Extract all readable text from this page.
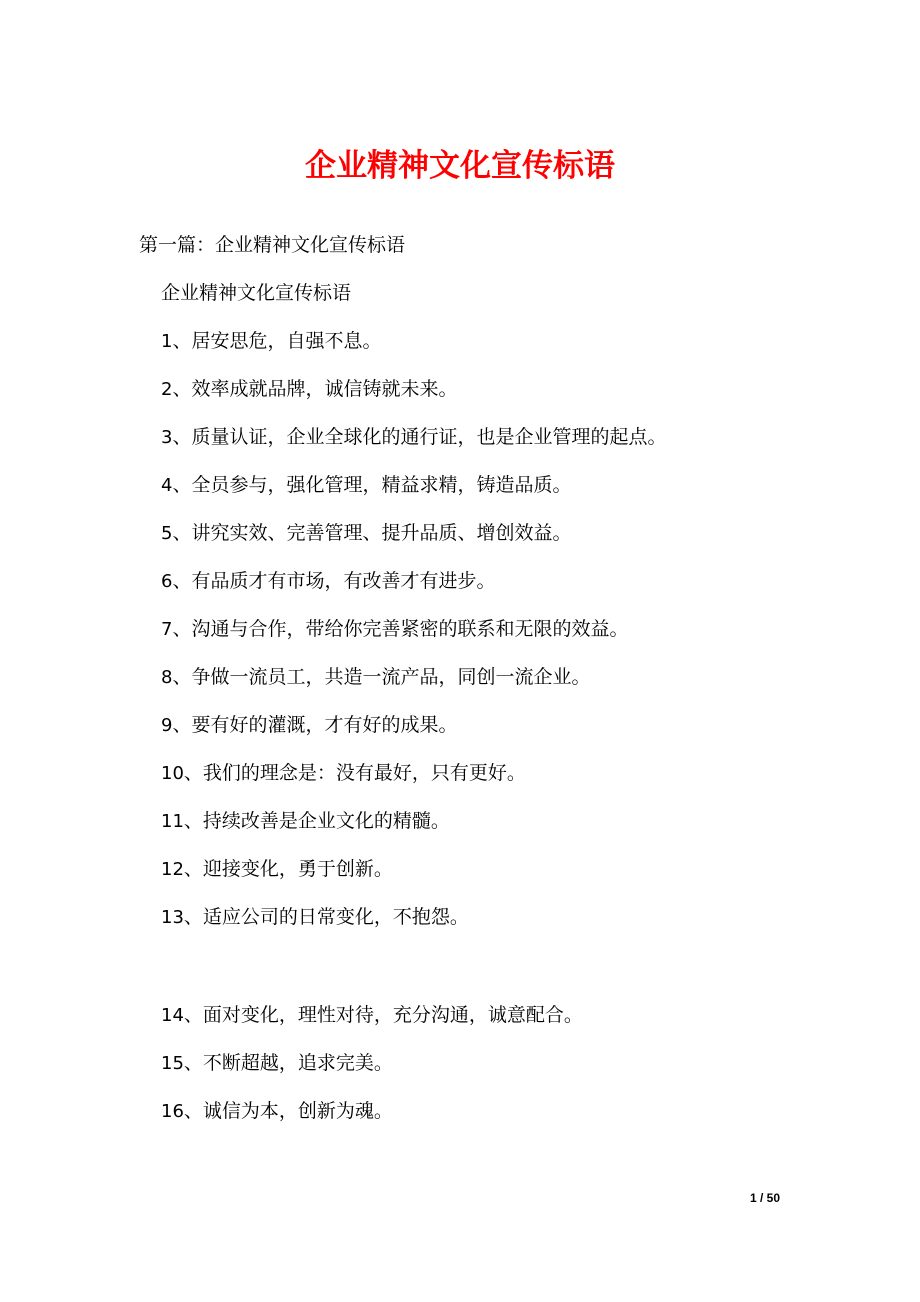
企业精神文化宣传标语

第一篇：企业精神文化宣传标语

企业精神文化宣传标语

1、居安思危，自强不息。
2、效率成就品牌，诚信铸就未来。
3、质量认证，企业全球化的通行证，也是企业管理的起点。
4、全员参与，强化管理，精益求精，铸造品质。
5、讲究实效、完善管理、提升品质、增创效益。
6、有品质才有市场，有改善才有进步。
7、沟通与合作，带给你完善紧密的联系和无限的效益。
8、争做一流员工，共造一流产品，同创一流企业。
9、要有好的灌溉，才有好的成果。
10、我们的理念是：没有最好，只有更好。
11、持续改善是企业文化的精髓。
12、迎接变化，勇于创新。
13、适应公司的日常变化，不抱怨。
14、面对变化，理性对待，充分沟通，诚意配合。
15、不断超越，追求完美。
16、诚信为本，创新为魂。
1 / 50
